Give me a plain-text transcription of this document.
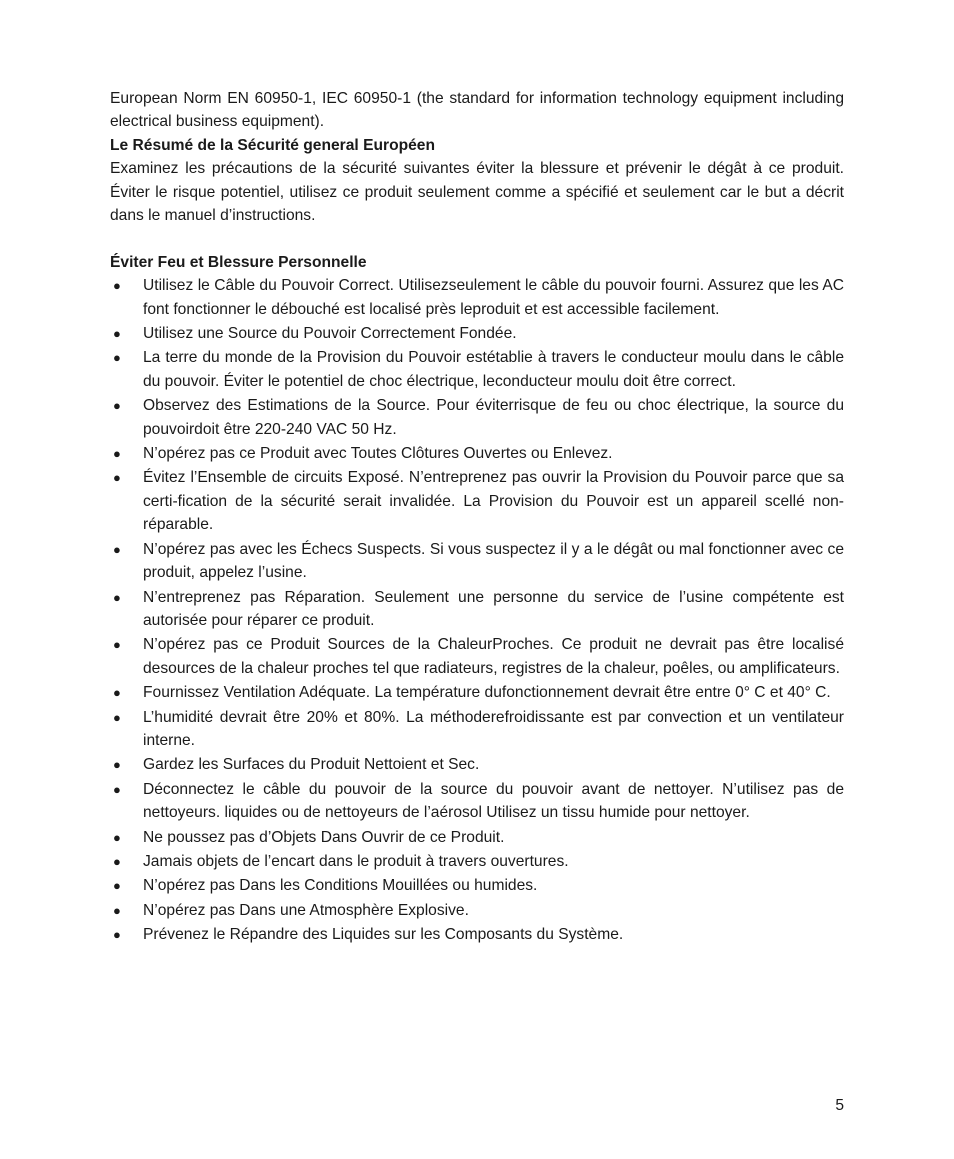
European Norm EN 60950-1, IEC 60950-1 (the standard for information technology equipment including electrical business equipment).

Le Résumé de la Sécurité general Européen

Examinez les précautions de la sécurité suivantes éviter la blessure et prévenir le dégât à ce produit. Éviter le risque potentiel, utilisez ce produit seulement comme a spécifié et seulement car le but a décrit dans le manuel d’instructions.

Éviter Feu et Blessure Personnelle

● Utilisez le Câble du Pouvoir Correct. Utilisezseulement le câble du pouvoir fourni. Assurez que les AC font fonctionner le débouché est localisé près leproduit et est accessible facilement.
● Utilisez une Source du Pouvoir Correctement Fondée.
● La terre du monde de la Provision du Pouvoir estétablie à travers le conducteur moulu dans le câble du pouvoir. Éviter le potentiel de choc électrique, leconducteur moulu doit être correct.
● Observez des Estimations de la Source. Pour éviterrisque de feu ou choc électrique, la source du pouvoirdoit être 220-240 VAC 50 Hz.
● N’opérez pas ce Produit avec Toutes Clôtures Ouvertes ou Enlevez.
● Évitez l’Ensemble de circuits Exposé. N’entreprenez pas ouvrir la Provision du Pouvoir parce que sa certi-fication de la sécurité serait invalidée. La Provision du Pouvoir est un appareil scellé non-réparable.
● N’opérez pas avec les Échecs Suspects. Si vous suspectez il y a le dégât ou mal fonctionner avec ce produit, appelez l’usine.
● N’entreprenez pas Réparation. Seulement une personne du service de l’usine compétente est autorisée pour réparer ce produit.
● N’opérez pas ce Produit Sources de la ChaleurProches. Ce produit ne devrait pas être localisé desources de la chaleur proches tel que radiateurs, registres de la chaleur, poêles, ou amplificateurs.
● Fournissez Ventilation Adéquate. La température dufonctionnement devrait être entre 0° C et 40° C.
● L’humidité devrait être 20% et 80%. La méthoderefroidissante est par convection et un ventilateur interne.
● Gardez les Surfaces du Produit Nettoient et Sec.
● Déconnectez le câble du pouvoir de la source du pouvoir avant de nettoyer. N’utilisez pas de nettoyeurs. liquides ou de nettoyeurs de l’aérosol Utilisez un tissu humide pour nettoyer.
● Ne poussez pas d’Objets Dans Ouvrir de ce Produit.
● Jamais objets de l’encart dans le produit à travers ouvertures.
● N’opérez pas Dans les Conditions Mouillées ou humides.
● N’opérez pas Dans une Atmosphère Explosive.
● Prévenez le Répandre des Liquides sur les Composants du Système.
5
